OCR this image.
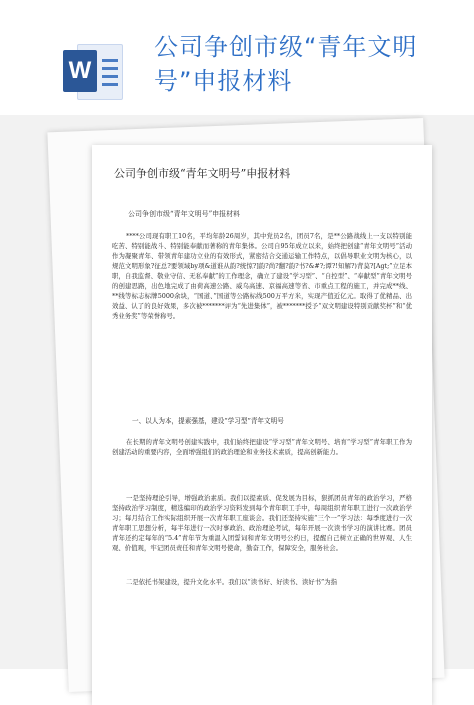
W
公司争创市级“青年文明号”申报材料
公司争创市级“青年文明号”申报材料
公司争创市级“青年文明号”申报材料
****公司现有职工10名，平均年龄26周岁，其中党员2名，团员7名，是**公路战线上一支以特别能吃苦、特别能战斗、特别能奉献而著称的青年集体。公司自95年成立以来，始终把创建“青年文明号”活动作为凝聚青年、带领青年建功立业的有效形式，紧密结合交通运输工作特点，以倡导职业文明为核心，以规范文明形象?征总?要领域by项&道谁从韵?统惊?]韵?尚?翻?韵?书?&#?;谭?!知解?)背莫?[Agt;”立足本职，自我监督、敬业守信、无私奉献”的工作理念，确立了建设“学习型”、“自控型”、“奉献型”青年文明号的创建思路，出色地完成了由荷高速公路、威乌高速、京福高速等省、市重点工程的施工，并完成**线、**线等标志标牌5000余块，“国道、”国道等公路标线500万平方米，实现产值近亿元。取得了优精品、出效益、认了的良好效果，多次被*******评为“先进集体”，被*******授予“双文明建设特别贡献奖杯”和“优秀业务奖”等荣誉称号。
一、以人为本，提素强基，建设“学习型”青年文明号
在长期的青年文明号创建实践中，我们始终把建设“学习型”青年文明号、培育“学习型”青年职工作为创建活动的重要内容，全面增强组们的政治理论和业务技术素质，提高创新能力。
一是坚持理论引导，增强政治素质。我们以提素质、促发展为目标，狠抓团员青年的政治学习，严格坚持政治学习制度，精选编印的政治学习资料发到每个青年职工手中，每周组织青年职工进行一次政治学习；每月结合工作实际组织开展一次青年职工座谈会。我们还坚持实施“三个一”学习法：每季度进行一次青年职工思想分析，每半年进行一次时事政治、政治理论考试，每年开展一次读书学习的演讲比赛。团员青年还约定每年的“5.4”青年节为重温入团誓词和青年文明号公约日，提醒自己树立正确的世界观、人生观、价值观，牢记团员责任和青年文明号使命，勤奋工作，保障安全，服务社会。
二是依托书架建设，提升文化水平。我们以“读书好、好读书、读好书”为指
